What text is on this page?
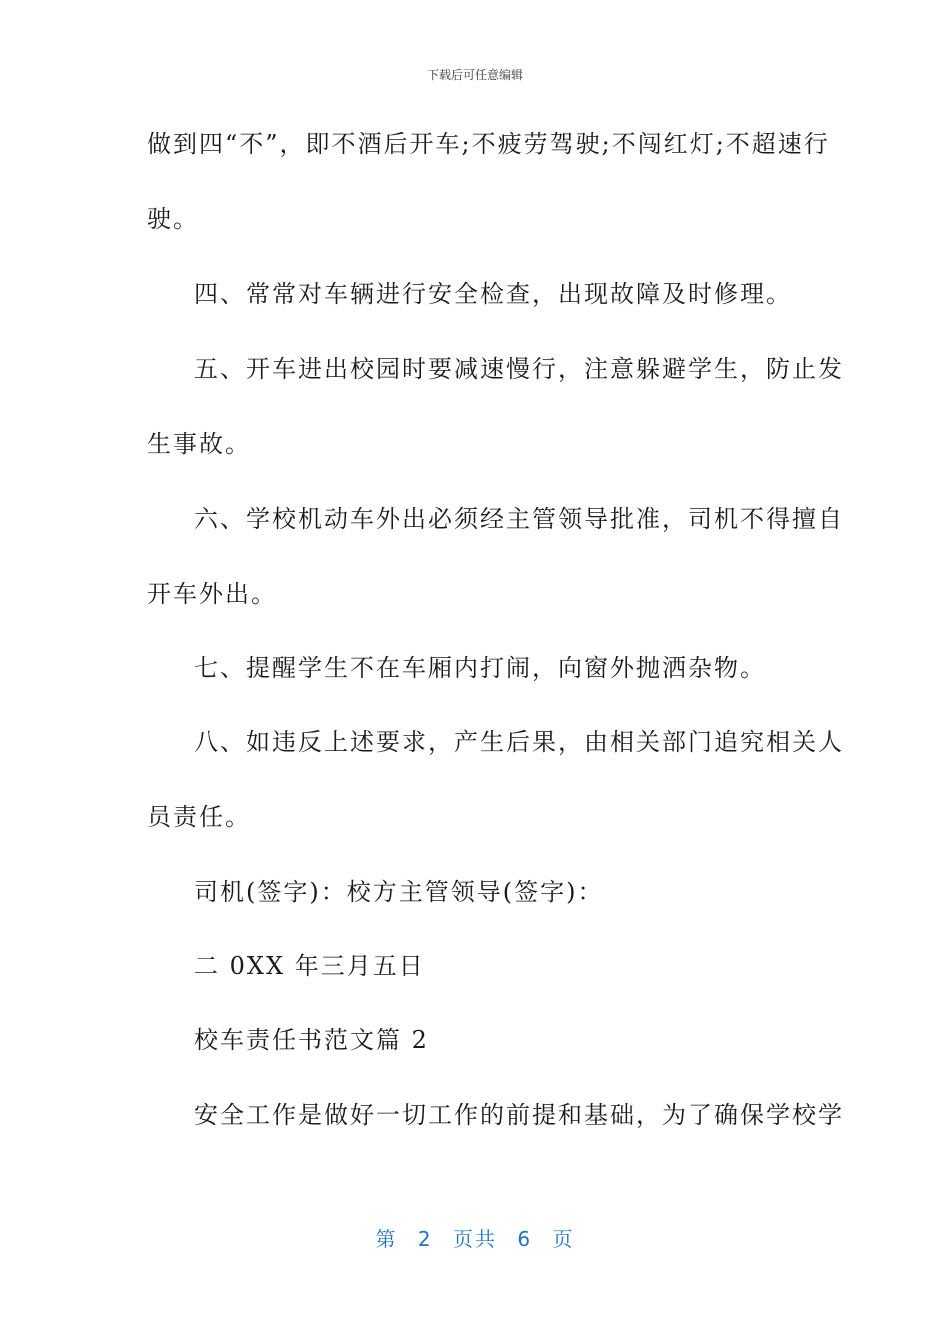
下载后可任意编辑
做到四“不”，即不酒后开车;不疲劳驾驶;不闯红灯;不超速行
驶。
四、常常对车辆进行安全检查，出现故障及时修理。
五、开车进出校园时要减速慢行，注意躲避学生，防止发
生事故。
六、学校机动车外出必须经主管领导批准，司机不得擅自
开车外出。
七、提醒学生不在车厢内打闹，向窗外抛洒杂物。
八、如违反上述要求，产生后果，由相关部门追究相关人
员责任。
司机(签字)：校方主管领导(签字)：
二 0XX 年三月五日
校车责任书范文篇 2
安全工作是做好一切工作的前提和基础，为了确保学校学
第 2 页共 6 页
